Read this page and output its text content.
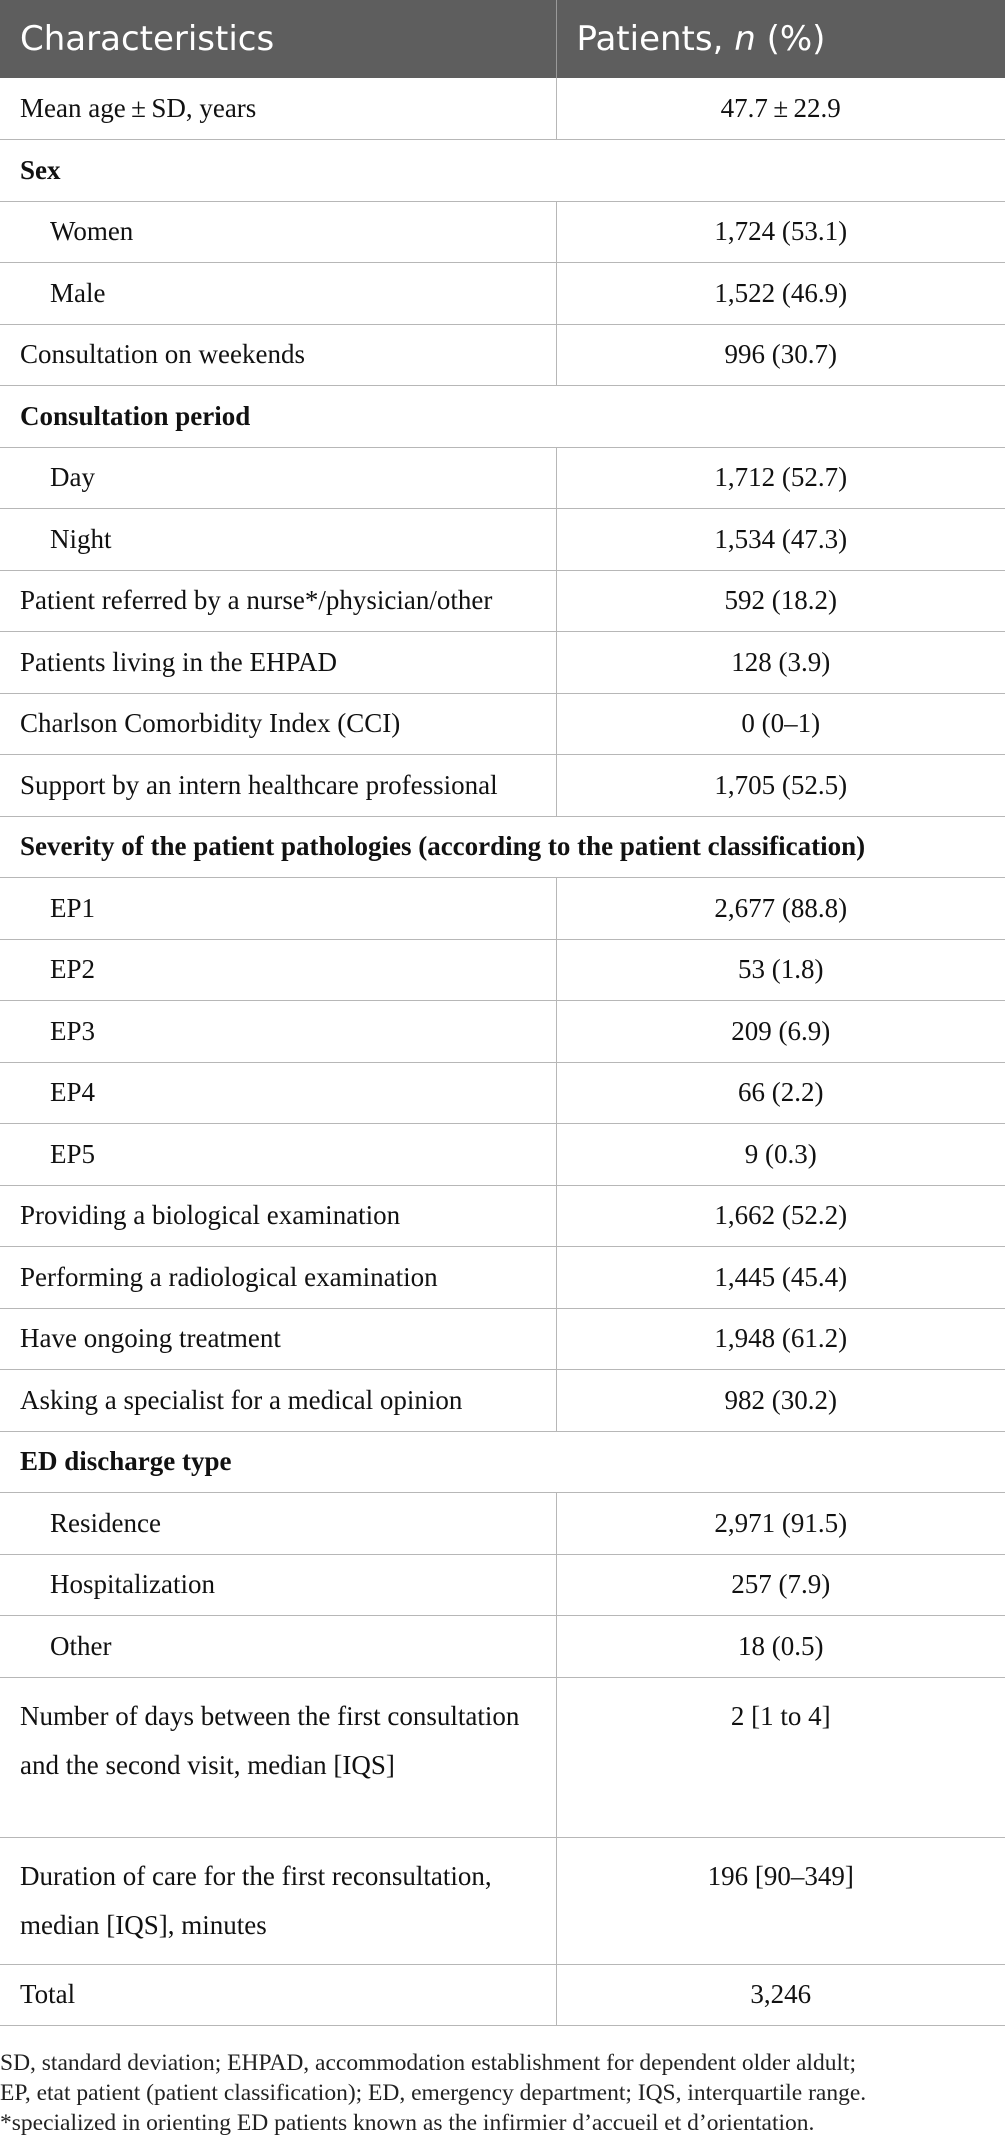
Characteristics	Patients, n (%)
Mean age ± SD, years	47.7 ± 22.9
Sex	
Women	1,724 (53.1)
Male	1,522 (46.9)
Consultation on weekends	996 (30.7)
Consultation period	
Day	1,712 (52.7)
Night	1,534 (47.3)
Patient referred by a nurse*/physician/other	592 (18.2)
Patients living in the EHPAD	128 (3.9)
Charlson Comorbidity Index (CCI)	0 (0–1)
Support by an intern healthcare professional	1,705 (52.5)
Severity of the patient pathologies (according to the patient classification)	
EP1	2,677 (88.8)
EP2	53 (1.8)
EP3	209 (6.9)
EP4	66 (2.2)
EP5	9 (0.3)
Providing a biological examination	1,662 (52.2)
Performing a radiological examination	1,445 (45.4)
Have ongoing treatment	1,948 (61.2)
Asking a specialist for a medical opinion	982 (30.2)
ED discharge type	
Residence	2,971 (91.5)
Hospitalization	257 (7.9)
Other	18 (0.5)
Number of days between the first consultation and the second visit, median [IQS]	2 [1 to 4]
Duration of care for the first reconsultation, median [IQS], minutes	196 [90–349]
Total	3,246
SD, standard deviation; EHPAD, accommodation establishment for dependent older aldult;
EP, etat patient (patient classification); ED, emergency department; IQS, interquartile range.
*specialized in orienting ED patients known as the infirmier d’accueil et d’orientation.
